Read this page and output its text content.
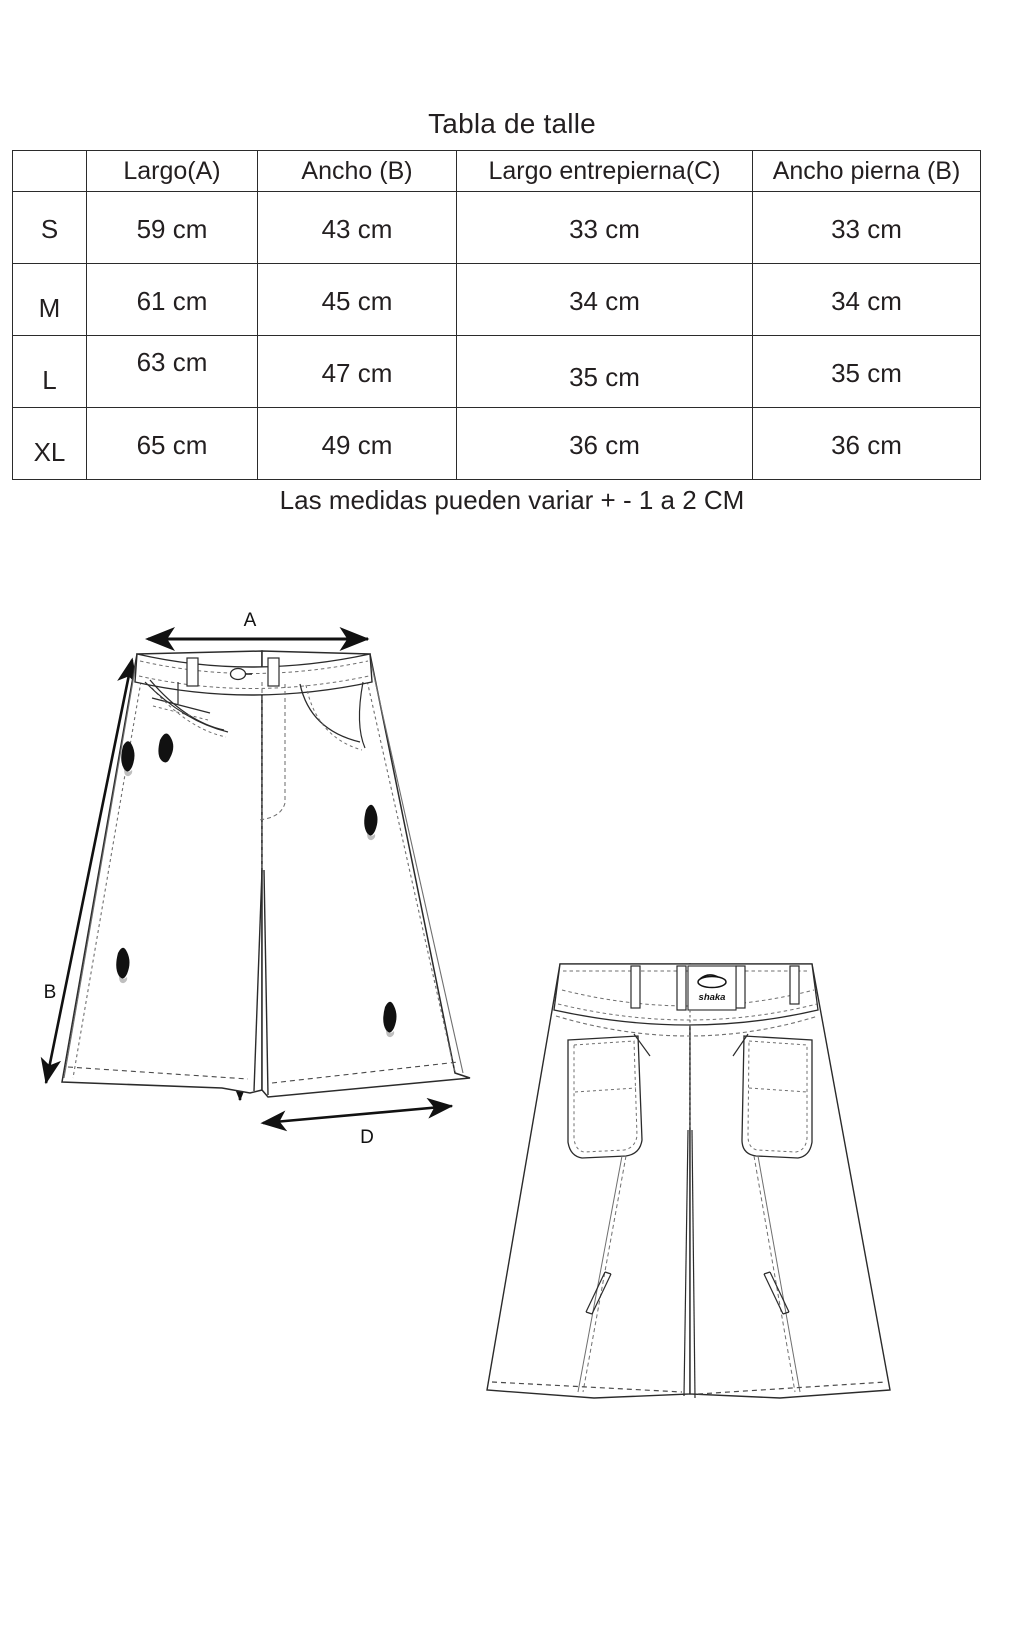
Tabla de talle
	Largo(A)	Ancho (B)	Largo entrepierna(C)	Ancho pierna (B)
S	59 cm	43 cm	33 cm	33 cm
M	61 cm	45 cm	34 cm	34 cm
L	63 cm	47 cm	35 cm	35 cm
XL	65 cm	49 cm	36 cm	36 cm
Las medidas pueden variar + - 1 a 2 CM
A
B
D
shaka
